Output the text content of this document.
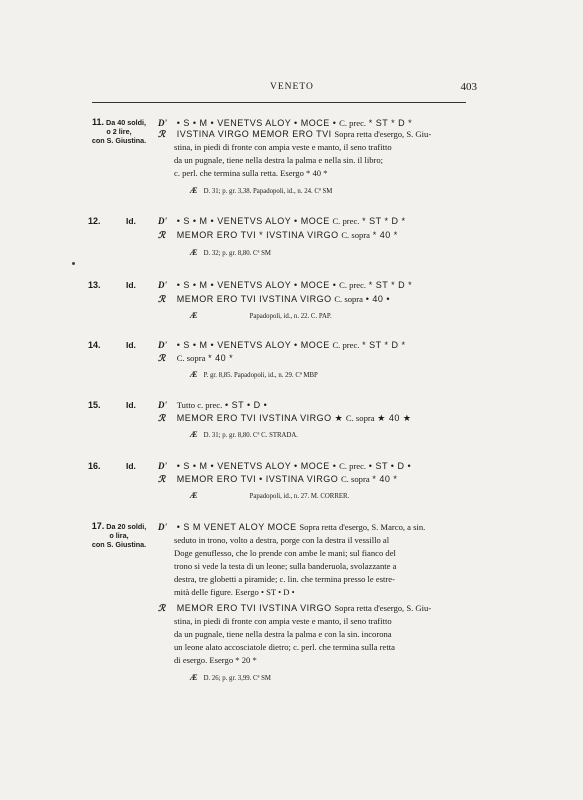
VENETO	403
11. Da 40 soldi,
o 2 lire,
con S. Giustina.
D' • S • M • VENETVS ALOY • MOCE • C. prec. * ST * D *
ℛ IVSTINA VIRGO MEMOR ERO TVI Sopra retta d'esergo, S. Giu-
stina, in piedi di fronte con ampia veste e manto, il seno trafitto
da un pugnale, tiene nella destra la palma e nella sin. il libro;
c. perl. che termina sulla retta. Esergo * 40 *
Æ D. 31; p. gr. 3,38. Papadopoli, id., n. 24. Cª SM
12.	Id. D' • S • M • VENETVS ALOY • MOCE C. prec. * ST * D *
ℛ MEMOR ERO TVI * IVSTINA VIRGO C. sopra * 40 *
Æ D. 32; p. gr. 8,80. Cª SM
13.	Id. D' • S • M • VENETVS ALOY • MOCE • C. prec. * ST * D *
ℛ MEMOR ERO TVI IVSTINA VIRGO C. sopra • 40 •
Æ	Papadopoli, id., n. 22. C. PAP.
14.	Id. D' • S • M • VENETVS ALOY • MOCE C. prec. * ST * D *
ℛ C. sopra * 40 *
Æ P. gr. 8,85. Papadopoli, id., n. 29. Cª MBP
15.	Id. D' Tutto c. prec. • ST • D •
ℛ MEMOR ERO TVI IVSTINA VIRGO ★ C. sopra ★ 40 ★
Æ D. 31; p. gr. 8,80. Cª C. STRADA.
16.	Id. D' • S • M • VENETVS ALOY • MOCE • C. prec. • ST • D •
ℛ MEMOR ERO TVI • IVSTINA VIRGO C. sopra * 40 *
Æ	Papadopoli, id., n. 27. M. CORRER.
17. Da 20 soldi,
o lira,
con S. Giustina.
D' • S M VENET ALOY MOCE Sopra retta d'esergo, S. Marco, a sin.
seduto in trono, volto a destra, porge con la destra il vessillo al
Doge genuflesso, che lo prende con ambe le mani; sul fianco del
trono si vede la testa di un leone; sulla banderuola, svolazzante a
destra, tre globetti a piramide; c. lin. che termina presso le estre-
mità delle figure. Esergo • ST • D •
ℛ MEMOR ERO TVI IVSTINA VIRGO Sopra retta d'esergo, S. Giu-
stina, in piedi di fronte con ampia veste e manto, il seno trafitto
da un pugnale, tiene nella destra la palma e con la sin. incorona
un leone alato accosciatole dietro; c. perl. che termina sulla retta
di esergo. Esergo * 20 *
Æ D. 26; p. gr. 3,99. Cª SM
